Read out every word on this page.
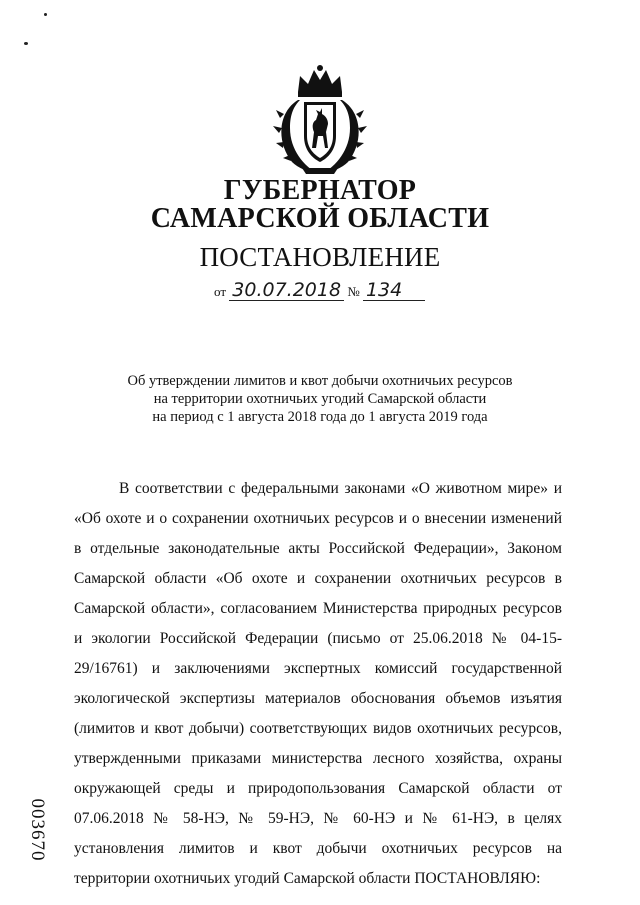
ГУБЕРНАТОР
САМАРСКОЙ ОБЛАСТИ
ПОСТАНОВЛЕНИЕ
от 30.07.2018 № 134
Об утверждении лимитов и квот добычи охотничьих ресурсов
на территории охотничьих угодий Самарской области
на период с 1 августа 2018 года до 1 августа 2019 года
В соответствии с федеральными законами «О животном мире» и «Об охоте и о сохранении охотничьих ресурсов и о внесении изменений в отдельные законодательные акты Российской Федерации», Законом Самарской области «Об охоте и сохранении охотничьих ресурсов в Самарской области», согласованием Министерства природных ресурсов и экологии Российской Федерации (письмо от 25.06.2018 № 04-15-29/16761) и заключениями экспертных комиссий государственной экологической экспертизы материалов обоснования объемов изъятия (лимитов и квот добычи) соответствующих видов охотничьих ресурсов, утвержденными приказами министерства лесного хозяйства, охраны окружающей среды и природопользования Самарской области от 07.06.2018 № 58-НЭ, № 59-НЭ, № 60-НЭ и № 61-НЭ, в целях установления лимитов и квот добычи охотничьих ресурсов на территории охотничьих угодий Самарской области ПОСТАНОВЛЯЮ:
003670
